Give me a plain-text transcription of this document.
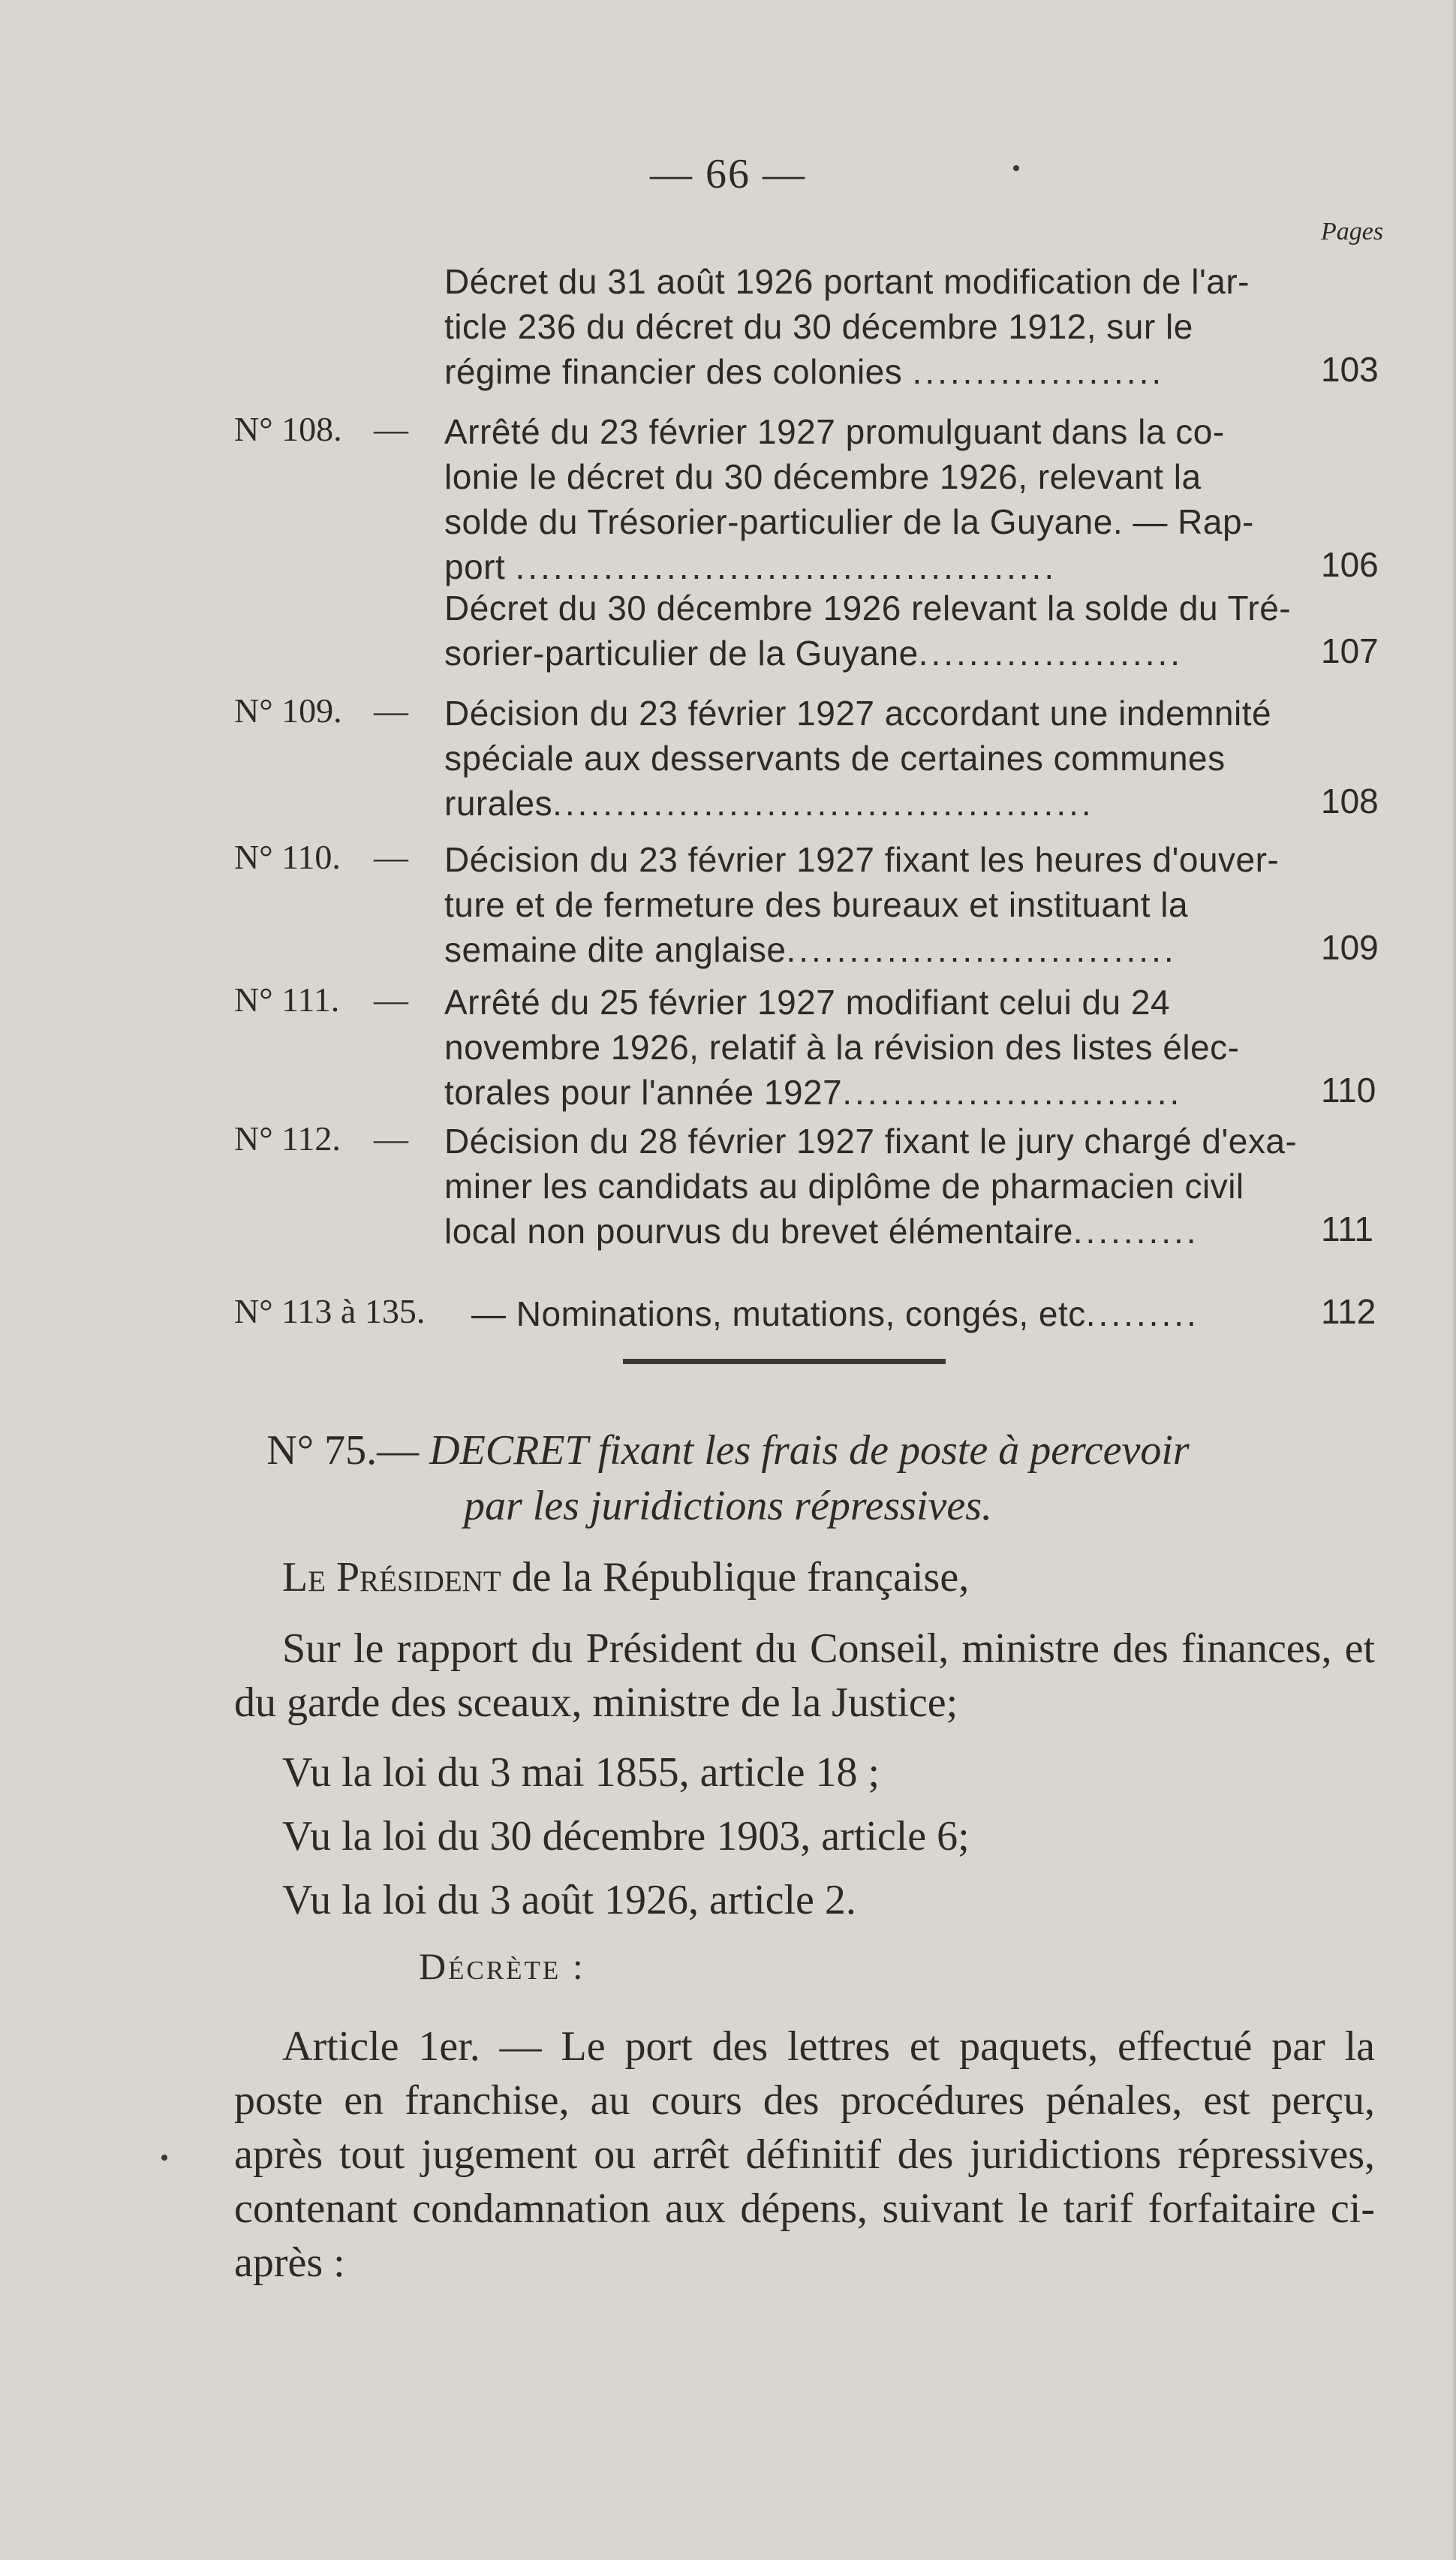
— 66 —
Pages
Décret du 31 août 1926 portant modification de l'ar-
ticle 236 du décret du 30 décembre 1912, sur le
régime financier des colonies ....................	103
N° 108. — Arrêté du 23 février 1927 promulguant dans la co-
lonie le décret du 30 décembre 1926, relevant la
solde du Trésorier-particulier de la Guyane. — Rap-
port ...........................................	106
Décret du 30 décembre 1926 relevant la solde du Tré-
sorier-particulier de la Guyane.....................	107
N° 109. — Décision du 23 février 1927 accordant une indemnité
spéciale aux desservants de certaines communes
rurales...........................................	108
N° 110. — Décision du 23 février 1927 fixant les heures d'ouver-
ture et de fermeture des bureaux et instituant la
semaine dite anglaise...............................	109
N° 111. — Arrêté du 25 février 1927 modifiant celui du 24
novembre 1926, relatif à la révision des listes élec-
torales pour l'année 1927...........................	110
N° 112. — Décision du 28 février 1927 fixant le jury chargé d'exa-
miner les candidats au diplôme de pharmacien civil
local non pourvus du brevet élémentaire..........	111
N° 113 à 135. — Nominations, mutations, congés, etc.........	112
N° 75.— DECRET fixant les frais de poste à percevoir
par les juridictions répressives.
Le Président de la République française,
Sur le rapport du Président du Conseil, ministre des finances, et du garde des sceaux, ministre de la Justice;
Vu la loi du 3 mai 1855, article 18 ;
Vu la loi du 30 décembre 1903, article 6;
Vu la loi du 3 août 1926, article 2.
Décrète :
Article 1er. — Le port des lettres et paquets, effectué par la poste en franchise, au cours des procédures pénales, est perçu, après tout jugement ou arrêt définitif des juridictions répressives, contenant condamnation aux dépens, suivant le tarif forfaitaire ci-après :
